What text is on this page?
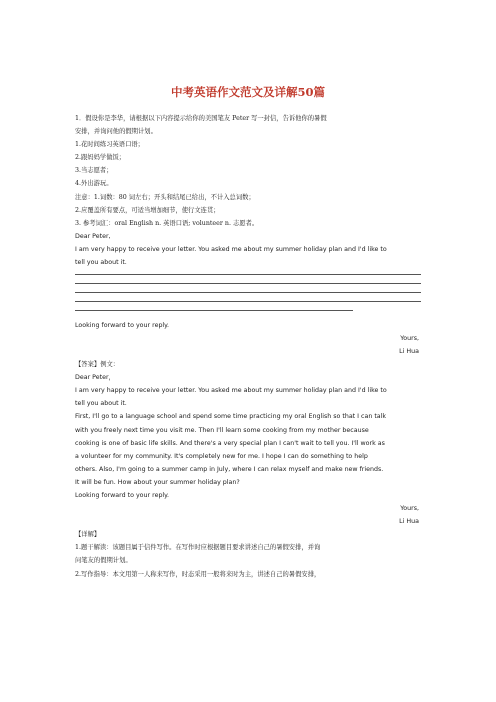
中考英语作文范文及详解50篇
1．假设你是李华，请根据以下内容提示给你的美国笔友 Peter 写一封信，告诉他你的暑假
安排，并询问他的假期计划。
1.花时间练习英语口语；
2.跟妈妈学做饭；
3.当志愿者；
4.外出游玩。
注意：1.词数：80 词左右；开头和结尾已给出，不计入总词数；
2.应覆盖所有要点，可适当增加细节，使行文连贯；
3. 参考词汇：oral English n. 英语口语; volunteer n. 志愿者。
Dear Peter,
I am very happy to receive your letter. You asked me about my summer holiday plan and I'd like to
tell you about it.
Looking forward to your reply.
Yours,
Li Hua
【答案】例文：
Dear Peter，
I am very happy to receive your letter. You asked me about my summer holiday plan and I'd like to
tell you about it.
First, I'll go to a language school and spend some time practicing my oral English so that I can talk
with you freely next time you visit me. Then I'll learn some cooking from my mother because
cooking is one of basic life skills. And there's a very special plan I can't wait to tell you. I'll work as
a volunteer for my community. It's completely new for me. I hope I can do something to help
others. Also, I'm going to a summer camp in July, where I can relax myself and make new friends.
It will be fun. How about your summer holiday plan?
Looking forward to your reply.
Yours,
Li Hua
【详解】
1.题干解读：该题目属于信件写作。在写作时应根据题目要求讲述自己的暑假安排，并询
问笔友的假期计划。
2.写作指导：本文用第一人称来写作，时态采用一般将来时为主，讲述自己的暑假安排，
